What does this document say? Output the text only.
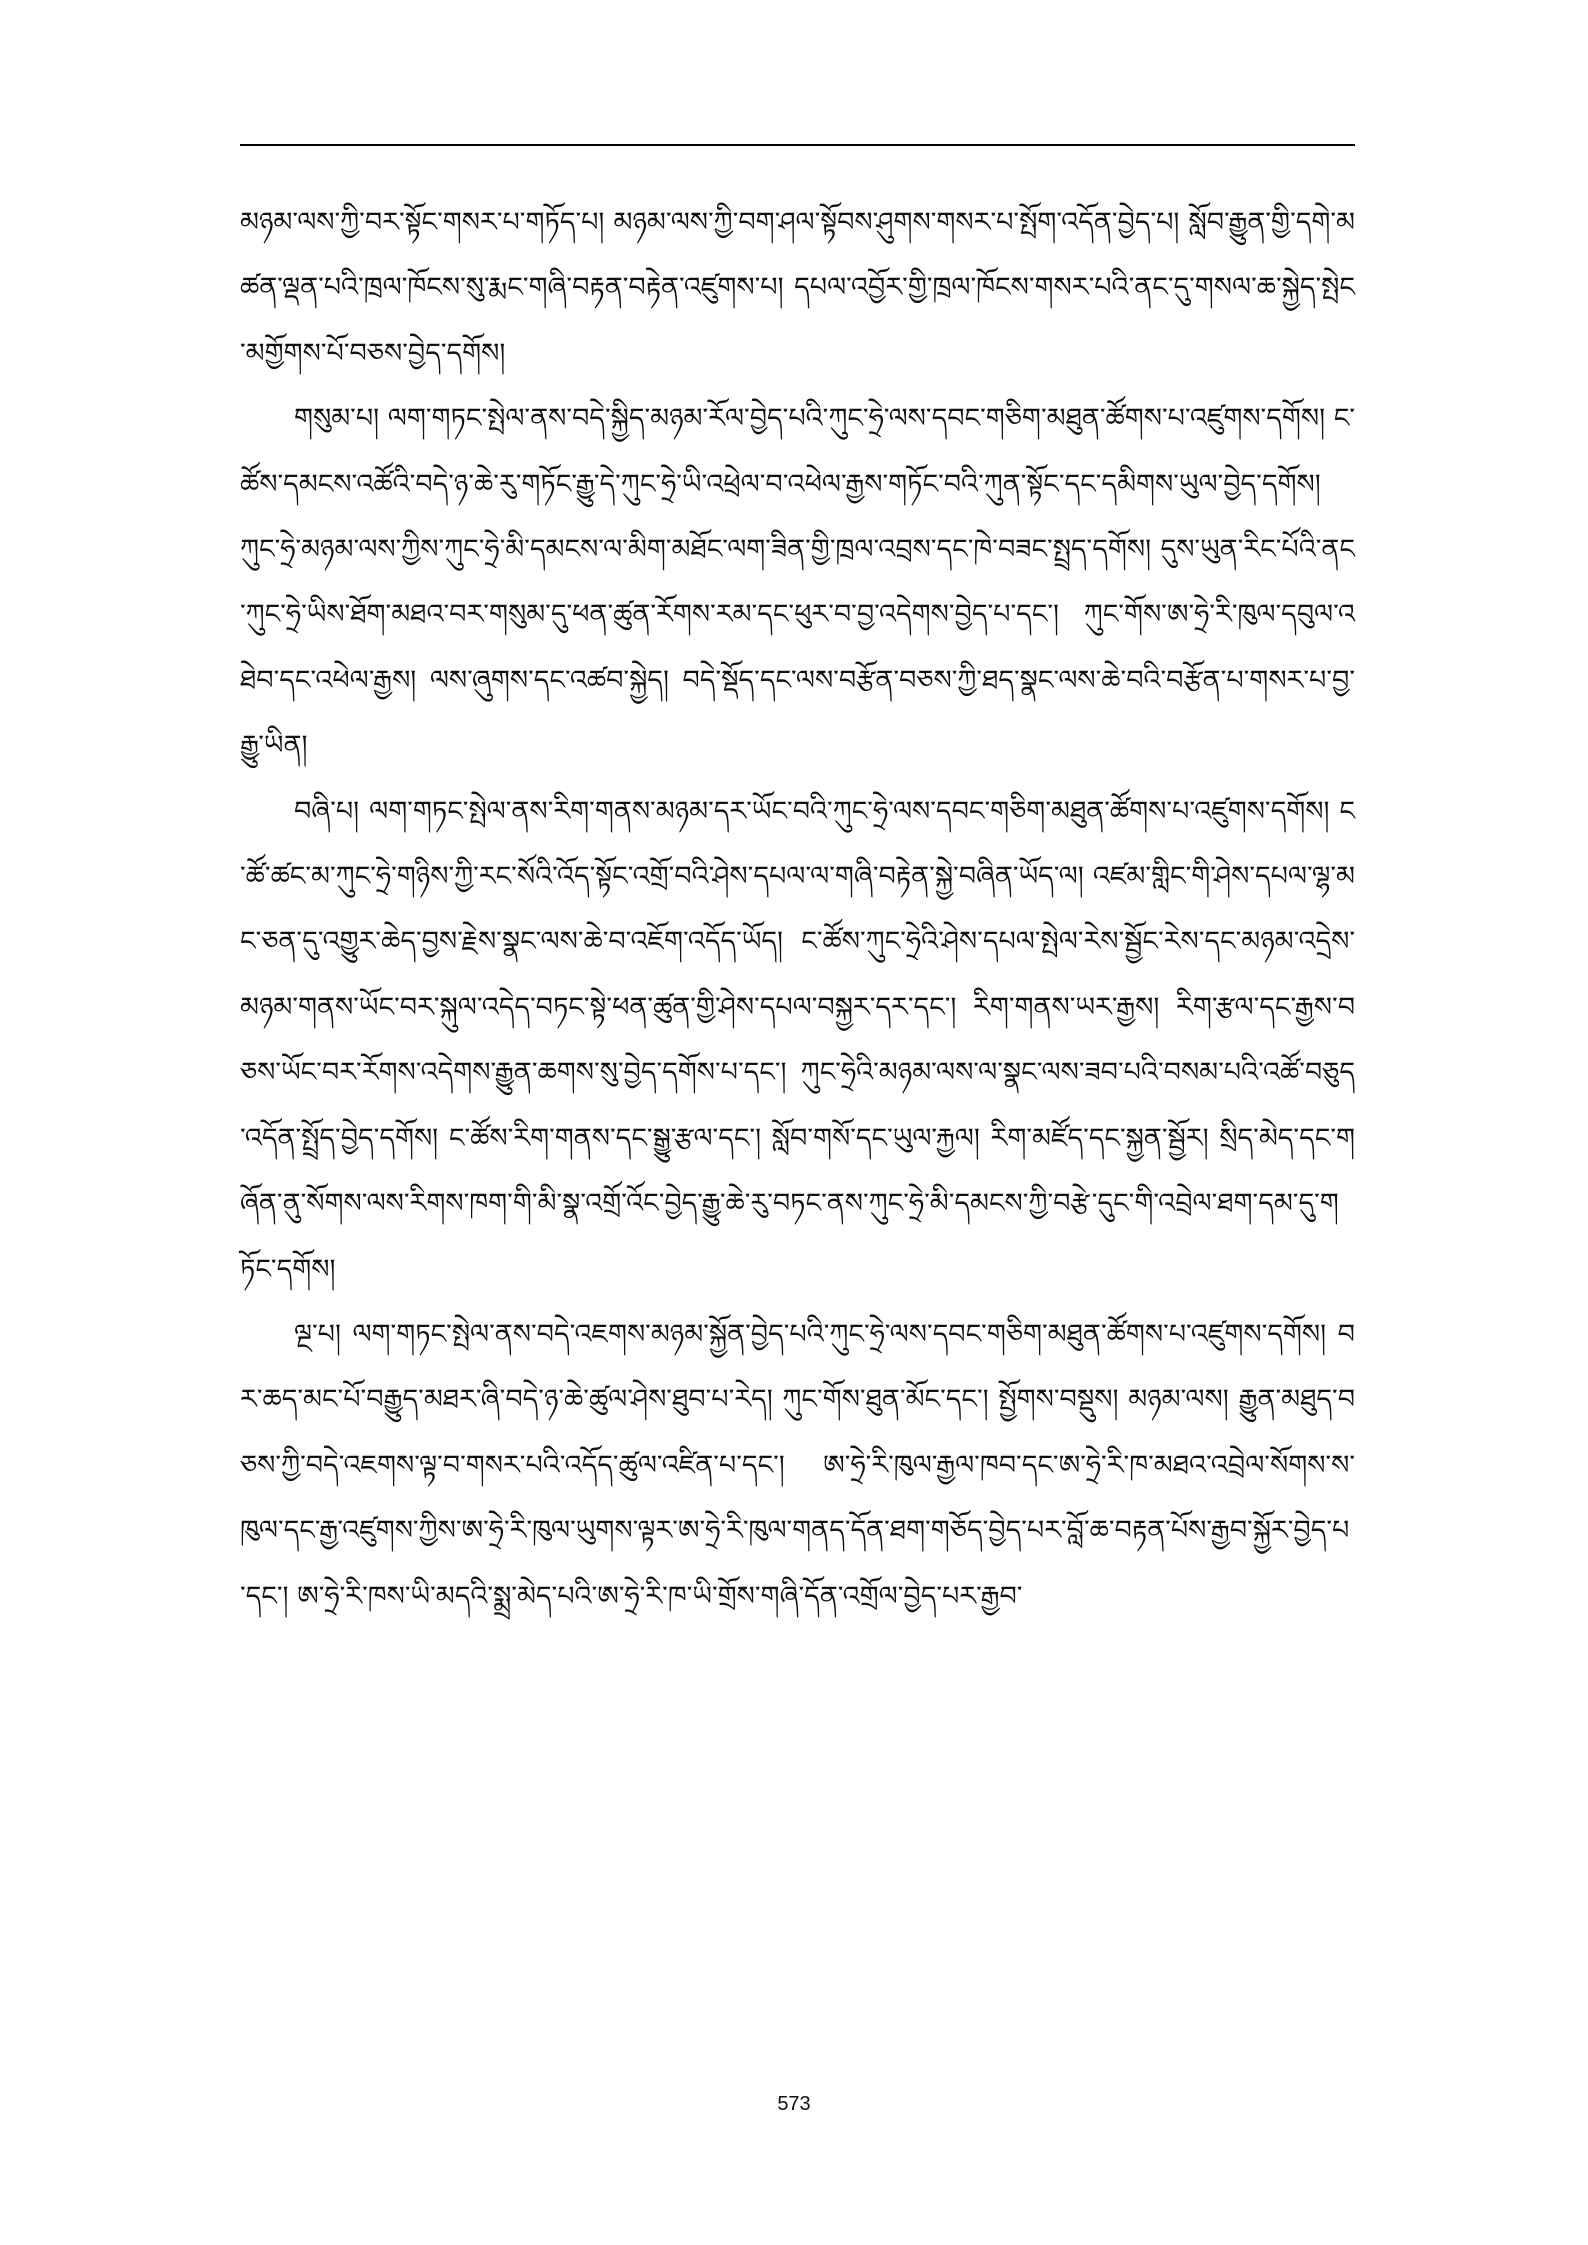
མཉམ་ལས་ཀྱི་བར་སྟོང་གསར་པ་གཏོད་པ། མཉམ་ལས་ཀྱི་བག་ཤལ་སྟོབས་ཤུགས་གསར་པ་སྤོག་འདོན་བྱེད་པ། སློབ་རྒྱུན་གྱི་དགེ་མཚན་ལྡན་པའི་ཁྲལ་ཁོངས་སུ་རྨང་གཞི་བརྟན་བརྟེན་འཛུགས་པ། དཔལ་འབྱོར་གྱི་ཁྲལ་ཁོངས་གསར་པའི་ནང་དུ་གསལ་ཆ་སྐྱེད་སྤེང་མགྱོགས་པོ་བཅས་བྱེད་དགོས།

གསུམ་པ། ལག་གཏང་སྤེལ་ནས་བདེ་སྐྱིད་མཉམ་རོལ་བྱེད་པའི་ཀུང་ཧྲེ་ལས་དབང་གཅིག་མཐུན་ཚོགས་པ་འཛུགས་དགོས། ང་ཚོས་དམངས་འཚོའི་བདེ་ཉ་ཆེ་རུ་གཏོང་རྒྱུ་དེ་ཀུང་ཧྲེ་ཡི་འཕྲེལ་བ་འཕེལ་རྒྱས་གཏོང་བའི་ཀུན་སྟོང་དང་དམིགས་ཡུལ་བྱེད་དགོས། ཀུང་ཧྲེ་མཉམ་ལས་ཀྱིས་ཀུང་ཧྲེ་མི་དམངས་ལ་མིག་མཐོང་ལག་ཟིན་གྱི་ཁྲལ་འབྲས་དང་ཁེ་བཟང་སྤྲད་དགོས། དུས་ཡུན་རིང་པོའི་ནང་ཀུང་ཧྲེ་ཡིས་ཐོག་མཐའ་བར་གསུམ་དུ་ཕན་ཚུན་རོགས་རམ་དང་ཕུར་བ་བྱ་འདེགས་བྱེད་པ་དང་། ཀུང་གོས་ཨ་ཧྲེ་རི་ཁུལ་དབུལ་འཐེབ་དང་འཕེལ་རྒྱས། ལས་ཞུགས་དང་འཚབ་སྐྱེད། བདེ་སྡོད་དང་ལས་བརྩོན་བཅས་ཀྱི་ཐད་སྣང་ལས་ཆེ་བའི་བརྩོན་པ་གསར་པ་བྱ་རྒྱུ་ཡིན།

བཞི་པ། ལག་གཏང་སྤེལ་ནས་རིག་གནས་མཉམ་དར་ཡོང་བའི་ཀུང་ཧྲེ་ལས་དབང་གཅིག་མཐུན་ཚོགས་པ་འཛུགས་དགོས། ང་ཚོ་ཚང་མ་ཀུང་ཧྲེ་གཉིས་ཀྱི་རང་སོའི་འོད་སྟོང་འགྲོ་བའི་ཤེས་དཔལ་ལ་གཞི་བརྟེན་སྐྱེ་བཞིན་ཡོད་ལ། འཛམ་གླིང་གི་ཤེས་དཔལ་ལྷ་མང་ཅན་དུ་འགྱུར་ཆེད་བྱས་རྗེས་སྣང་ལས་ཆེ་བ་འཇོག་འདོད་ཡོད། ང་ཚོས་ཀུང་ཧྲེའི་ཤེས་དཔལ་སྤེལ་རེས་སྦྱོང་རེས་དང་མཉམ་འདྲེས་མཉམ་གནས་ཡོང་བར་སྐུལ་འདེད་བཏང་སྟེ་ཕན་ཚུན་གྱི་ཤེས་དཔལ་བསྐྱར་དར་དང་། རིག་གནས་ཡར་རྒྱས། རིག་རྩལ་དང་རྒྱས་བཅས་ཡོང་བར་རོགས་འདེགས་རྒྱུན་ཆགས་སུ་བྱེད་དགོས་པ་དང་། ཀུང་ཧྲེའི་མཉམ་ལས་ལ་སྣང་ལས་ཟབ་པའི་བསམ་པའི་འཚོ་བཅུད་འདོན་སྤྲོད་བྱེད་དགོས། ང་ཚོས་རིག་གནས་དང་སྒྱུ་རྩལ་དང་། སློབ་གསོ་དང་ཡུལ་རྐྱལ། རིག་མཛོད་དང་སྐྱན་སྦྱོར། སྲིད་མེད་དང་གཞོན་ནུ་སོགས་ལས་རིགས་ཁག་གི་མི་སྣ་འགྲོ་འོང་བྱེད་རྒྱུ་ཆེ་རུ་བཏང་ནས་ཀུང་ཧྲེ་མི་དམངས་ཀྱི་བརྩེ་དུང་གི་འབྲེལ་ཐག་དམ་དུ་གཏོང་དགོས།

ལྔ་པ། ལག་གཏང་སྤེལ་ནས་བདེ་འཇགས་མཉམ་སྐྱོན་བྱེད་པའི་ཀུང་ཧྲེ་ལས་དབང་གཅིག་མཐུན་ཚོགས་པ་འཛུགས་དགོས། བར་ཆད་མང་པོ་བརྒྱུད་མཐར་ཞི་བདེ་ཉ་ཆེ་ཚུལ་ཤེས་ཐུབ་པ་རེད། ཀུང་གོས་ཐུན་མོང་དང་། སྤྱོགས་བསྡུས། མཉམ་ལས། རྒྱུན་མཐུད་བཅས་ཀྱི་བདེ་འཇགས་ལྟ་བ་གསར་པའི་འདོད་ཚུལ་འཛིན་པ་དང་། ཨ་ཧྲེ་རི་ཁུལ་རྒྱལ་ཁབ་དང་ཨ་ཧྲེ་རི་ཁ་མཐའ་འབྲེལ་སོགས་ས་ཁུལ་དང་རྒྱ་འཛུགས་ཀྱིས་ཨ་ཧྲེ་རི་ཁུལ་ཡུགས་ལྟར་ཨ་ཧྲེ་རི་ཁུལ་གནད་དོན་ཐག་གཅོད་བྱེད་པར་བློ་ཆ་བརྟན་པོས་རྒྱབ་སྐྱོར་བྱེད་པ་དང་། ཨ་ཧྲེ་རི་ཁས་ཡི་མདའི་སྨྲ་མེད་པའི་ཨ་ཧྲེ་རི་ཁ་ཡི་གྲོས་གཞི་དོན་འགྲོལ་བྱེད་པར་རྒྱབ་

573
